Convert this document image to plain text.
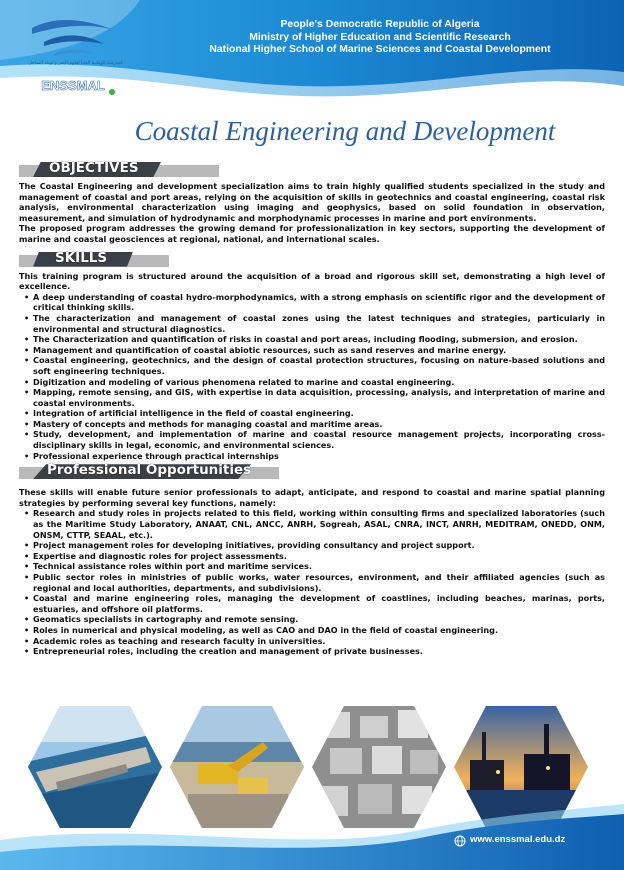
ENSSMAL
المدرسة الوطنية العليا لعلوم البحر و تهيئة الساحل
People's Democratic Republic of Algeria
Ministry of Higher Education and Scientific Research
National Higher School of Marine Sciences and Coastal Development
Coastal Engineering and Development
OBJECTIVES

The Coastal Engineering and development specialization aims to train highly qualified students specialized in the study and management of coastal and port areas, relying on the acquisition of skills in geotechnics and coastal engineering, coastal risk analysis, environmental characterization using imaging and geophysics, based on solid foundation in observation, measurement, and simulation of hydrodynamic and morphodynamic processes in marine and port environments.

The proposed program addresses the growing demand for professionalization in key sectors, supporting the development of marine and coastal geosciences at regional, national, and international scales.

SKILLS

This training program is structured around the acquisition of a broad and rigorous skill set, demonstrating a high level of excellence.

• A deep understanding of coastal hydro-morphodynamics, with a strong emphasis on scientific rigor and the development of critical thinking skills.
• The characterization and management of coastal zones using the latest techniques and strategies, particularly in environmental and structural diagnostics.
• The Characterization and quantification of risks in coastal and port areas, including flooding, submersion, and erosion.
• Management and quantification of coastal abiotic resources, such as sand reserves and marine energy.
• Coastal engineering, geotechnics, and the design of coastal protection structures, focusing on nature-based solutions and soft engineering techniques.
• Digitization and modeling of various phenomena related to marine and coastal engineering.
• Mapping, remote sensing, and GIS, with expertise in data acquisition, processing, analysis, and interpretation of marine and coastal environments.
• Integration of artificial intelligence in the field of coastal engineering.
• Mastery of concepts and methods for managing coastal and maritime areas.
• Study, development, and implementation of marine and coastal resource management projects, incorporating cross-disciplinary skills in legal, economic, and environmental sciences.
• Professional experience through practical internships
Professional Opportunities

These skills will enable future senior professionals to adapt, anticipate, and respond to coastal and marine spatial planning strategies by performing several key functions, namely:

• Research and study roles in projects related to this field, working within consulting firms and specialized laboratories (such as the Maritime Study Laboratory, ANAAT, CNL, ANCC, ANRH, Sogreah, ASAL, CNRA, INCT, ANRH, MEDITRAM, ONEDD, ONM, ONSM, CTTP, SEAAL, etc.).
• Project management roles for developing initiatives, providing consultancy and project support.
• Expertise and diagnostic roles for project assessments.
• Technical assistance roles within port and maritime services.
• Public sector roles in ministries of public works, water resources, environment, and their affiliated agencies (such as regional and local authorities, departments, and subdivisions).
• Coastal and marine engineering roles, managing the development of coastlines, including beaches, marinas, ports, estuaries, and offshore oil platforms.
• Geomatics specialists in cartography and remote sensing.
• Roles in numerical and physical modeling, as well as CAO and DAO in the field of coastal engineering.
• Academic roles as teaching and research faculty in universities.
• Entrepreneurial roles, including the creation and management of private businesses.
www.enssmal.edu.dz
